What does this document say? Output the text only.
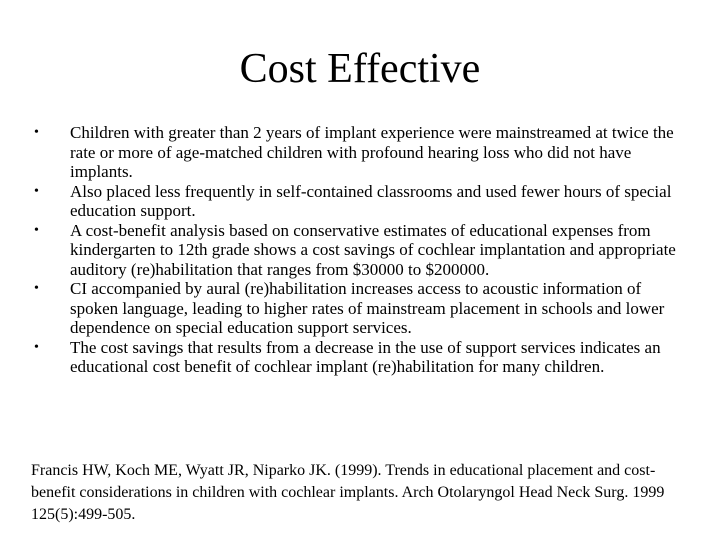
Cost Effective
•	Children with greater than 2 years of implant experience were mainstreamed at twice the rate or more of age-matched children with profound hearing loss who did not have implants.
•	Also placed less frequently in self-contained classrooms and used fewer hours of special education support.
•	A cost-benefit analysis based on conservative estimates of educational expenses from kindergarten to 12th grade shows a cost savings of cochlear implantation and appropriate auditory (re)habilitation that ranges from $30000 to $200000.
•	CI accompanied by aural (re)habilitation increases access to acoustic information of spoken language, leading to higher rates of mainstream placement in schools and lower dependence on special education support services.
•	The cost savings that results from a decrease in the use of support services indicates an educational cost benefit of cochlear implant (re)habilitation for many children.

Francis HW, Koch ME, Wyatt JR, Niparko JK. (1999). Trends in educational placement and cost-benefit considerations in children with cochlear implants. Arch Otolaryngol Head Neck Surg. 1999 125(5):499-505.
